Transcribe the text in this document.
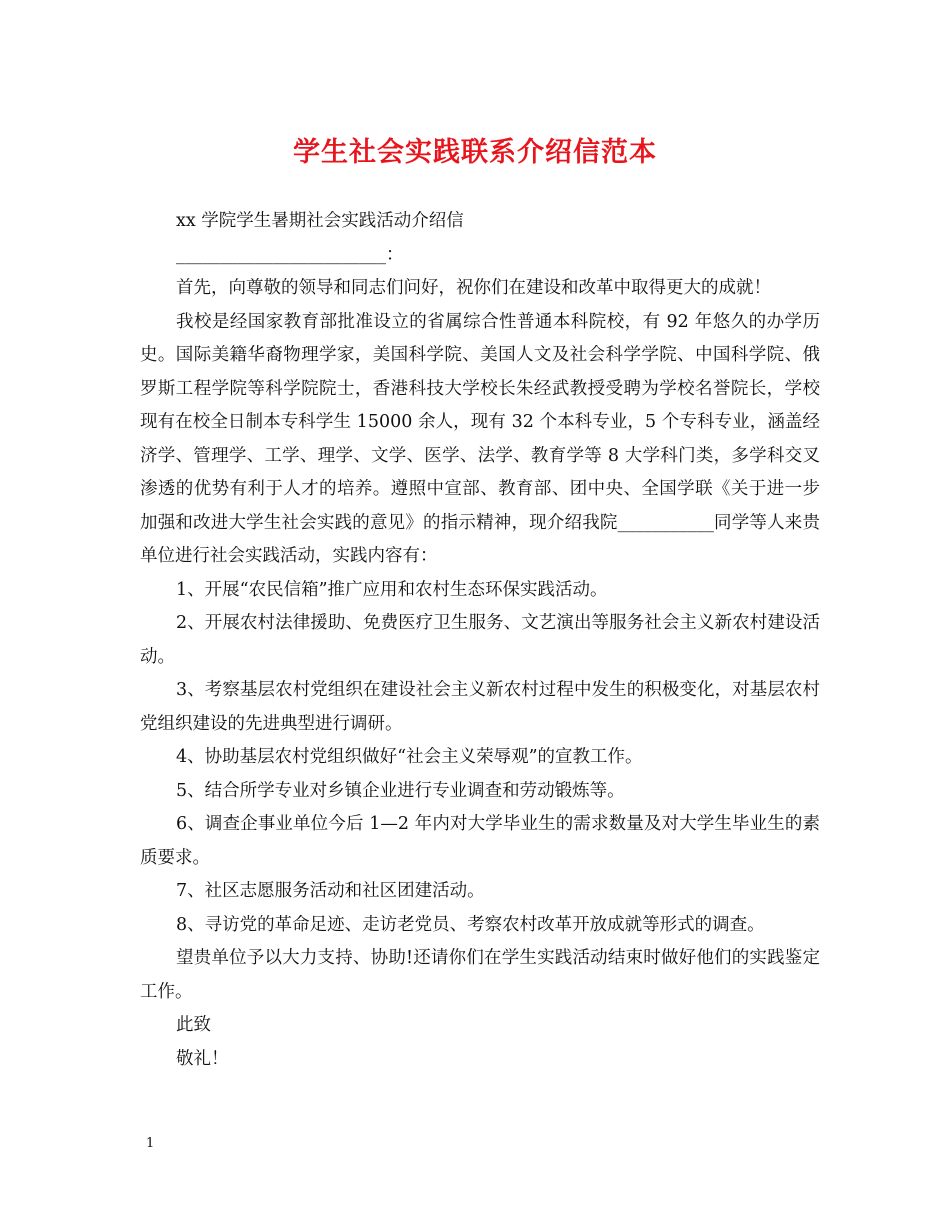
学生社会实践联系介绍信范本

xx 学院学生暑期社会实践活动介绍信

________________________：

首先，向尊敬的领导和同志们问好，祝你们在建设和改革中取得更大的成就！

我校是经国家教育部批准设立的省属综合性普通本科院校，有 92 年悠久的办学历史。国际美籍华裔物理学家，美国科学院、美国人文及社会科学学院、中国科学院、俄罗斯工程学院等科学院院士，香港科技大学校长朱经武教授受聘为学校名誉院长，学校现有在校全日制本专科学生 15000 余人，现有 32 个本科专业，5 个专科专业，涵盖经济学、管理学、工学、理学、文学、医学、法学、教育学等 8 大学科门类，多学科交叉渗透的优势有利于人才的培养。遵照中宣部、教育部、团中央、全国学联《关于进一步加强和改进大学生社会实践的意见》的指示精神，现介绍我院___________同学等人来贵单位进行社会实践活动，实践内容有：

1、开展“农民信箱”推广应用和农村生态环保实践活动。

2、开展农村法律援助、免费医疗卫生服务、文艺演出等服务社会主义新农村建设活动。

3、考察基层农村党组织在建设社会主义新农村过程中发生的积极变化，对基层农村党组织建设的先进典型进行调研。

4、协助基层农村党组织做好“社会主义荣辱观”的宣教工作。

5、结合所学专业对乡镇企业进行专业调查和劳动锻炼等。

6、调查企事业单位今后 1—2 年内对大学毕业生的需求数量及对大学生毕业生的素质要求。

7、社区志愿服务活动和社区团建活动。

8、寻访党的革命足迹、走访老党员、考察农村改革开放成就等形式的调查。

望贵单位予以大力支持、协助!还请你们在学生实践活动结束时做好他们的实践鉴定工作。

此致

敬礼！

1
